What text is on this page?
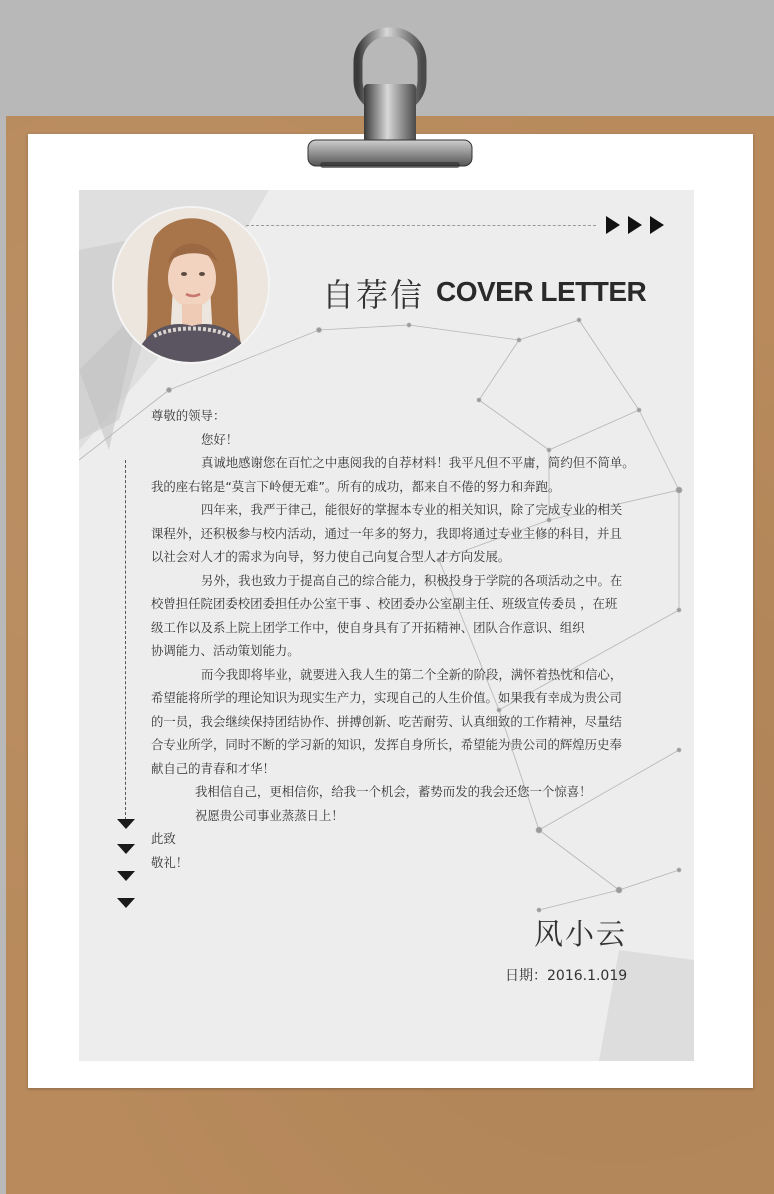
自荐信 COVER LETTER
尊敬的领导：
您好！
真诚地感谢您在百忙之中惠阅我的自荐材料！我平凡但不平庸，简约但不简单。
我的座右铭是“莫言下岭便无难”。所有的成功，都来自不倦的努力和奔跑。
四年来，我严于律己，能很好的掌握本专业的相关知识，除了完成专业的相关
课程外，还积极参与校内活动，通过一年多的努力，我即将通过专业主修的科目，并且
以社会对人才的需求为向导，努力使自己向复合型人才方向发展。
另外，我也致力于提高自己的综合能力，积极投身于学院的各项活动之中。在
校曾担任院团委校团委担任办公室干事 、校团委办公室副主任、班级宣传委员 ，在班
级工作以及系上院上团学工作中，使自身具有了开拓精神、团队合作意识、组织
协调能力、活动策划能力。
而今我即将毕业，就要进入我人生的第二个全新的阶段，满怀着热忱和信心，
希望能将所学的理论知识为现实生产力，实现自己的人生价值。如果我有幸成为贵公司
的一员，我会继续保持团结协作、拼搏创新、吃苦耐劳、认真细致的工作精神，尽量结
合专业所学，同时不断的学习新的知识，发挥自身所长，希望能为贵公司的辉煌历史奉
献自己的青春和才华！
我相信自己，更相信你，给我一个机会，蓄势而发的我会还您一个惊喜！
祝愿贵公司事业蒸蒸日上！
此致
敬礼！
风小云
日期：2016.1.019
